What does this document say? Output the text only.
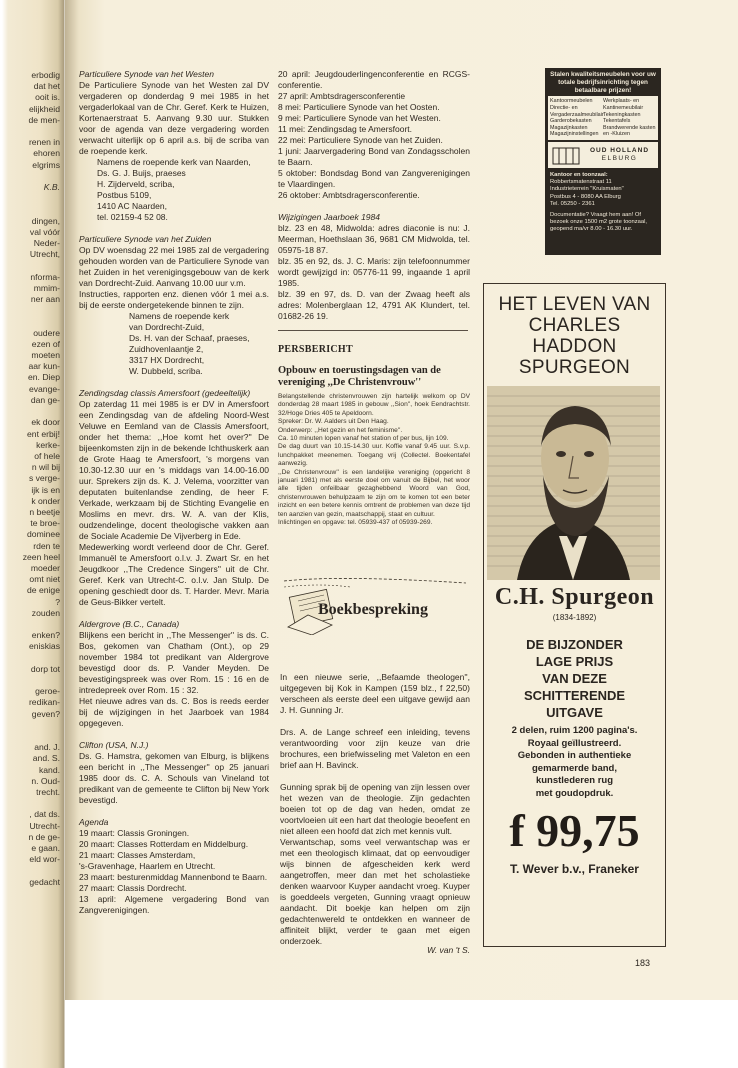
erbodig
dat het
ooit is.
elijkheid
de men-

renen in
ehoren
elgrims

K.B.

dingen,
val vóór
Neder-
Utrecht,

nforma-
mmim-
ner aan

oudere
ezen of
moeten
aar kun-
en. Diep
evange-
dan ge-

ek door
ent erbij!
kerke-
of hele
n wil bij
s verge-
ijk is en
k onder
n beetje
te broe-
dominee
rden te
zeen heel
moeder
omt niet
de enige
?
zouden

enken?
eniskias

dorp tot

geroe-
redikan-
geven?

and. J.
and. S.
kand.
n. Oud-
trecht.

, dat ds.
Utrecht-
n de ge-
e gaan.
eld wor-

gedacht

Particuliere Synode van het Westen

De Particuliere Synode van het Westen zal DV vergaderen op donderdag 9 mei 1985 in het vergaderlokaal van de Chr. Geref. Kerk te Huizen, Kortenaerstraat 5. Aanvang 9.30 uur. Stukken voor de agenda van deze vergadering worden verwacht uiterlijk op 6 april a.s. bij de scriba van de roepende kerk.

Namens de roepende kerk van Naarden,

Ds. G. J. Buijs, praeses

H. Zijderveld, scriba,

Postbus 5109,

1410 AC Naarden,

tel. 02159-4 52 08.

Particuliere Synode van het Zuiden

Op DV woensdag 22 mei 1985 zal de vergadering gehouden worden van de Particuliere Synode van het Zuiden in het verenigingsgebouw van de kerk van Dordrecht-Zuid. Aanvang 10.00 uur v.m.

Instructies, rapporten enz. dienen vóór 1 mei a.s. bij de eerste ondergetekende binnen te zijn.

Namens de roepende kerk

van Dordrecht-Zuid,

Ds. H. van der Schaaf, praeses,

Zuidhovenlaantje 2,

3317 HX Dordrecht,

W. Dubbeld, scriba.

Zendingsdag classis Amersfoort (gedeeltelijk)

Op zaterdag 11 mei 1985 is er DV in Amersfoort een Zendingsdag van de afdeling Noord-West Veluwe en Eemland van de Classis Amersfoort, onder het thema: ,,Hoe komt het over?'' De bijeenkomsten zijn in de bekende Ichthuskerk aan de Grote Haag te Amersfoort, 's morgens van 10.30-12.30 uur en 's middags van 14.00-16.00 uur. Sprekers zijn ds. K. J. Velema, voorzitter van deputaten buitenlandse zending, de heer F. Verkade, werkzaam bij de Stichting Evangelie en Moslims en mevr. drs. W. A. van der Klis, oudzendelinge, docent theologische vakken aan de Sociale Academie De Vijverberg in Ede.

Medewerking wordt verleend door de Chr. Geref. Immanuël te Amersfoort o.l.v. J. Zwart Sr. en het Jeugdkoor ,,The Credence Singers'' uit de Chr. Geref. Kerk van Utrecht-C. o.l.v. Jan Stulp. De opening geschiedt door ds. T. Harder. Mevr. Maria de Geus-Bikker vertelt.

Aldergrove (B.C., Canada)

Blijkens een bericht in ,,The Messenger'' is ds. C. Bos, gekomen van Chatham (Ont.), op 29 november 1984 tot predikant van Aldergrove bevestigd door ds. P. Vander Meyden. De bevestigingspreek was over Rom. 15 : 16 en de intredepreek over Rom. 15 : 32.

Het nieuwe adres van ds. C. Bos is reeds eerder bij de wijzigingen in het Jaarboek van 1984 opgegeven.

Clifton (USA, N.J.)

Ds. G. Hamstra, gekomen van Elburg, is blijkens een bericht in ,,The Messenger'' op 25 januari 1985 door ds. C. A. Schouls van Vineland tot predikant van de gemeente te Clifton bij New York bevestigd.

Agenda

19 maart: Classis Groningen.

20 maart: Classes Rotterdam en Middelburg.

21 maart: Classes Amsterdam,

's-Gravenhage, Haarlem en Utrecht.

23 maart: besturenmiddag Mannenbond te Baarn.

27 maart: Classis Dordrecht.

13 april: Algemene vergadering Bond van Zangverenigingen.

20 april: Jeugdouderlingenconferentie en RCGS-conferentie.

27 april: Ambtsdragersconferentie

8 mei: Particuliere Synode van het Oosten.

9 mei: Particuliere Synode van het Westen.

11 mei: Zendingsdag te Amersfoort.

22 mei: Particuliere Synode van het Zuiden.

1 juni: Jaarvergadering Bond van Zondagsscholen te Baarn.

5 oktober: Bondsdag Bond van Zangverenigingen te Vlaardingen.

26 oktober: Ambtsdragersconferentie.

Wijzigingen Jaarboek 1984

blz. 23 en 48, Midwolda: adres diaconie is nu: J. Meerman, Hoethslaan 36, 9681 CM Midwolda, tel. 05975-18 87.

blz. 35 en 92, ds. J. C. Maris: zijn telefoonnummer wordt gewijzigd in: 05776-11 99, ingaande 1 april 1985.

blz. 39 en 97, ds. D. van der Zwaag heeft als adres: Molenberglaan 12, 4791 AK Klundert, tel. 01682-26 19.

PERSBERICHT
Opbouw en toerustingsdagen van de vereniging ,,De Christenvrouw''

Belangstellende christenvrouwen zijn hartelijk welkom op DV donderdag 28 maart 1985 in gebouw ,,Sion'', hoek Eendrachtstr. 32/Hoge Dries 405 te Apeldoorn.

Spreker: Dr. W. Aalders uit Den Haag.

Onderwerp: ,,Het gezin en het feminisme''.

Ca. 10 minuten lopen vanaf het station of per bus, lijn 109.

De dag duurt van 10.15-14.30 uur. Koffie vanaf 9.45 uur. S.v.p. lunchpakket meenemen. Toegang vrij (Collectel. Boekentafel aanwezig.

,,De Christenvrouw'' is een landelijke vereniging (opgericht 8 januari 1981) met als eerste doel om vanuit de Bijbel, het woor alle tijden onfeilbaar gezaghebbend Woord van God, christenvrouwen behulpzaam te zijn om te komen tot een beter inzicht en een betere kennis omtrent de problemen van deze tijd ten aanzien van gezin, maatschappij, staat en cultuur.

Inlichtingen en opgave: tel. 05939-437 of 05939-269.

Boekbespreking

In een nieuwe serie, ,,Befaamde theologen'', uitgegeven bij Kok in Kampen (159 blz., f 22,50) verscheen als eerste deel een uitgave gewijd aan J. H. Gunning Jr.

Drs. A. de Lange schreef een inleiding, tevens verantwoording voor zijn keuze van drie brochures, een briefwisseling met Valeton en een brief aan H. Bavinck.

Gunning sprak bij de opening van zijn lessen over het wezen van de theologie. Zijn gedachten boeien tot op de dag van heden, omdat ze voortvloeien uit een hart dat theologie beoefent en niet alleen een hoofd dat zich met kennis vult.

Verwantschap, soms veel verwantschap was er met een theologisch klimaat, dat op eenvoudiger wijs binnen de afgescheiden kerk werd aangetroffen, meer dan met het scholastieke denken waarvoor Kuyper aandacht vroeg. Kuyper is goeddeels vergeten, Gunning vraagt opnieuw aandacht. Dit boekje kan helpen om zijn gedachtenwereld te ontdekken en wanneer de affiniteit blijkt, verder te gaan met eigen onderzoek.

W. van 't S.
Stalen kwaliteitsmeubelen voor uw totale bedrijfsinrichting tegen betaalbare prijzen!
Kantoormeubelen
Directie- en Vergaderzaalmeubilair
Garderobekasten
Magazijnkasten
Magazijninstellingen
Werkplaats- en Kantinemeubilair
Tekeningkasten
Tekentafels
Brandwerende kasten en -Kluizen
OUD HOLLAND
ELBURG
Kantoor en toonzaal:
Robbertsmatenstraat 11
Industrieterrein "Kruismaten"
Postbus 4 - 8080 AA Elburg
Tel. 05250 - 2361
Documentatie? Vraagt hem aan! Of bezoek onze 1500 m2 grote toonzaal, geopend ma/vr 8.00 - 16.30 uur.
HET LEVEN VAN
CHARLES
HADDON
SPURGEON
C.H. Spurgeon
(1834-1892)
DE BIJZONDER
LAGE PRIJS
VAN DEZE
SCHITTERENDE
UITGAVE
2 delen, ruim 1200 pagina's.
Royaal geïllustreerd.
Gebonden in authentieke
gemarmerde band,
kunstlederen rug
met goudopdruk.
f 99,75
T. Wever b.v., Franeker
183
